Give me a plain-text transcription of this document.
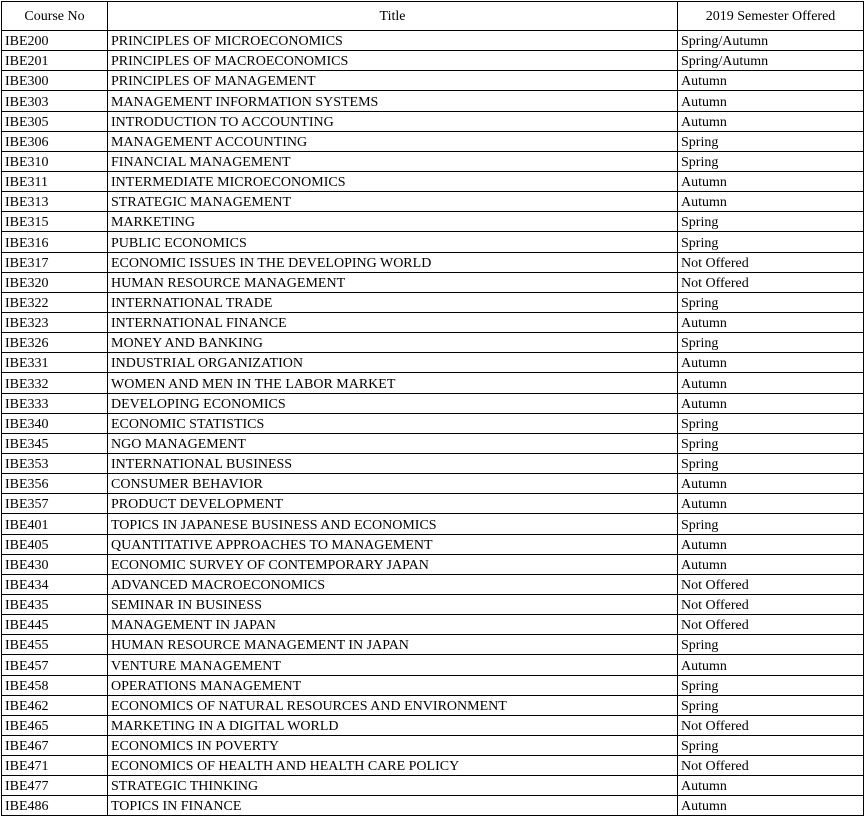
Course No	Title	2019 Semester Offered
IBE200	PRINCIPLES OF MICROECONOMICS	Spring/Autumn
IBE201	PRINCIPLES OF MACROECONOMICS	Spring/Autumn
IBE300	PRINCIPLES OF MANAGEMENT	Autumn
IBE303	MANAGEMENT INFORMATION SYSTEMS	Autumn
IBE305	INTRODUCTION TO ACCOUNTING	Autumn
IBE306	MANAGEMENT ACCOUNTING	Spring
IBE310	FINANCIAL MANAGEMENT	Spring
IBE311	INTERMEDIATE MICROECONOMICS	Autumn
IBE313	STRATEGIC MANAGEMENT	Autumn
IBE315	MARKETING	Spring
IBE316	PUBLIC ECONOMICS	Spring
IBE317	ECONOMIC ISSUES IN THE DEVELOPING WORLD	Not Offered
IBE320	HUMAN RESOURCE MANAGEMENT	Not Offered
IBE322	INTERNATIONAL TRADE	Spring
IBE323	INTERNATIONAL FINANCE	Autumn
IBE326	MONEY AND BANKING	Spring
IBE331	INDUSTRIAL ORGANIZATION	Autumn
IBE332	WOMEN AND MEN IN THE LABOR MARKET	Autumn
IBE333	DEVELOPING ECONOMICS	Autumn
IBE340	ECONOMIC STATISTICS	Spring
IBE345	NGO MANAGEMENT	Spring
IBE353	INTERNATIONAL BUSINESS	Spring
IBE356	CONSUMER BEHAVIOR	Autumn
IBE357	PRODUCT DEVELOPMENT	Autumn
IBE401	TOPICS IN JAPANESE BUSINESS AND ECONOMICS	Spring
IBE405	QUANTITATIVE APPROACHES TO MANAGEMENT	Autumn
IBE430	ECONOMIC SURVEY OF CONTEMPORARY JAPAN	Autumn
IBE434	ADVANCED MACROECONOMICS	Not Offered
IBE435	SEMINAR IN BUSINESS	Not Offered
IBE445	MANAGEMENT IN JAPAN	Not Offered
IBE455	HUMAN RESOURCE MANAGEMENT IN JAPAN	Spring
IBE457	VENTURE MANAGEMENT	Autumn
IBE458	OPERATIONS MANAGEMENT	Spring
IBE462	ECONOMICS OF NATURAL RESOURCES AND ENVIRONMENT	Spring
IBE465	MARKETING IN A DIGITAL WORLD	Not Offered
IBE467	ECONOMICS IN POVERTY	Spring
IBE471	ECONOMICS OF HEALTH AND HEALTH CARE POLICY	Not Offered
IBE477	STRATEGIC THINKING	Autumn
IBE486	TOPICS IN FINANCE	Autumn
